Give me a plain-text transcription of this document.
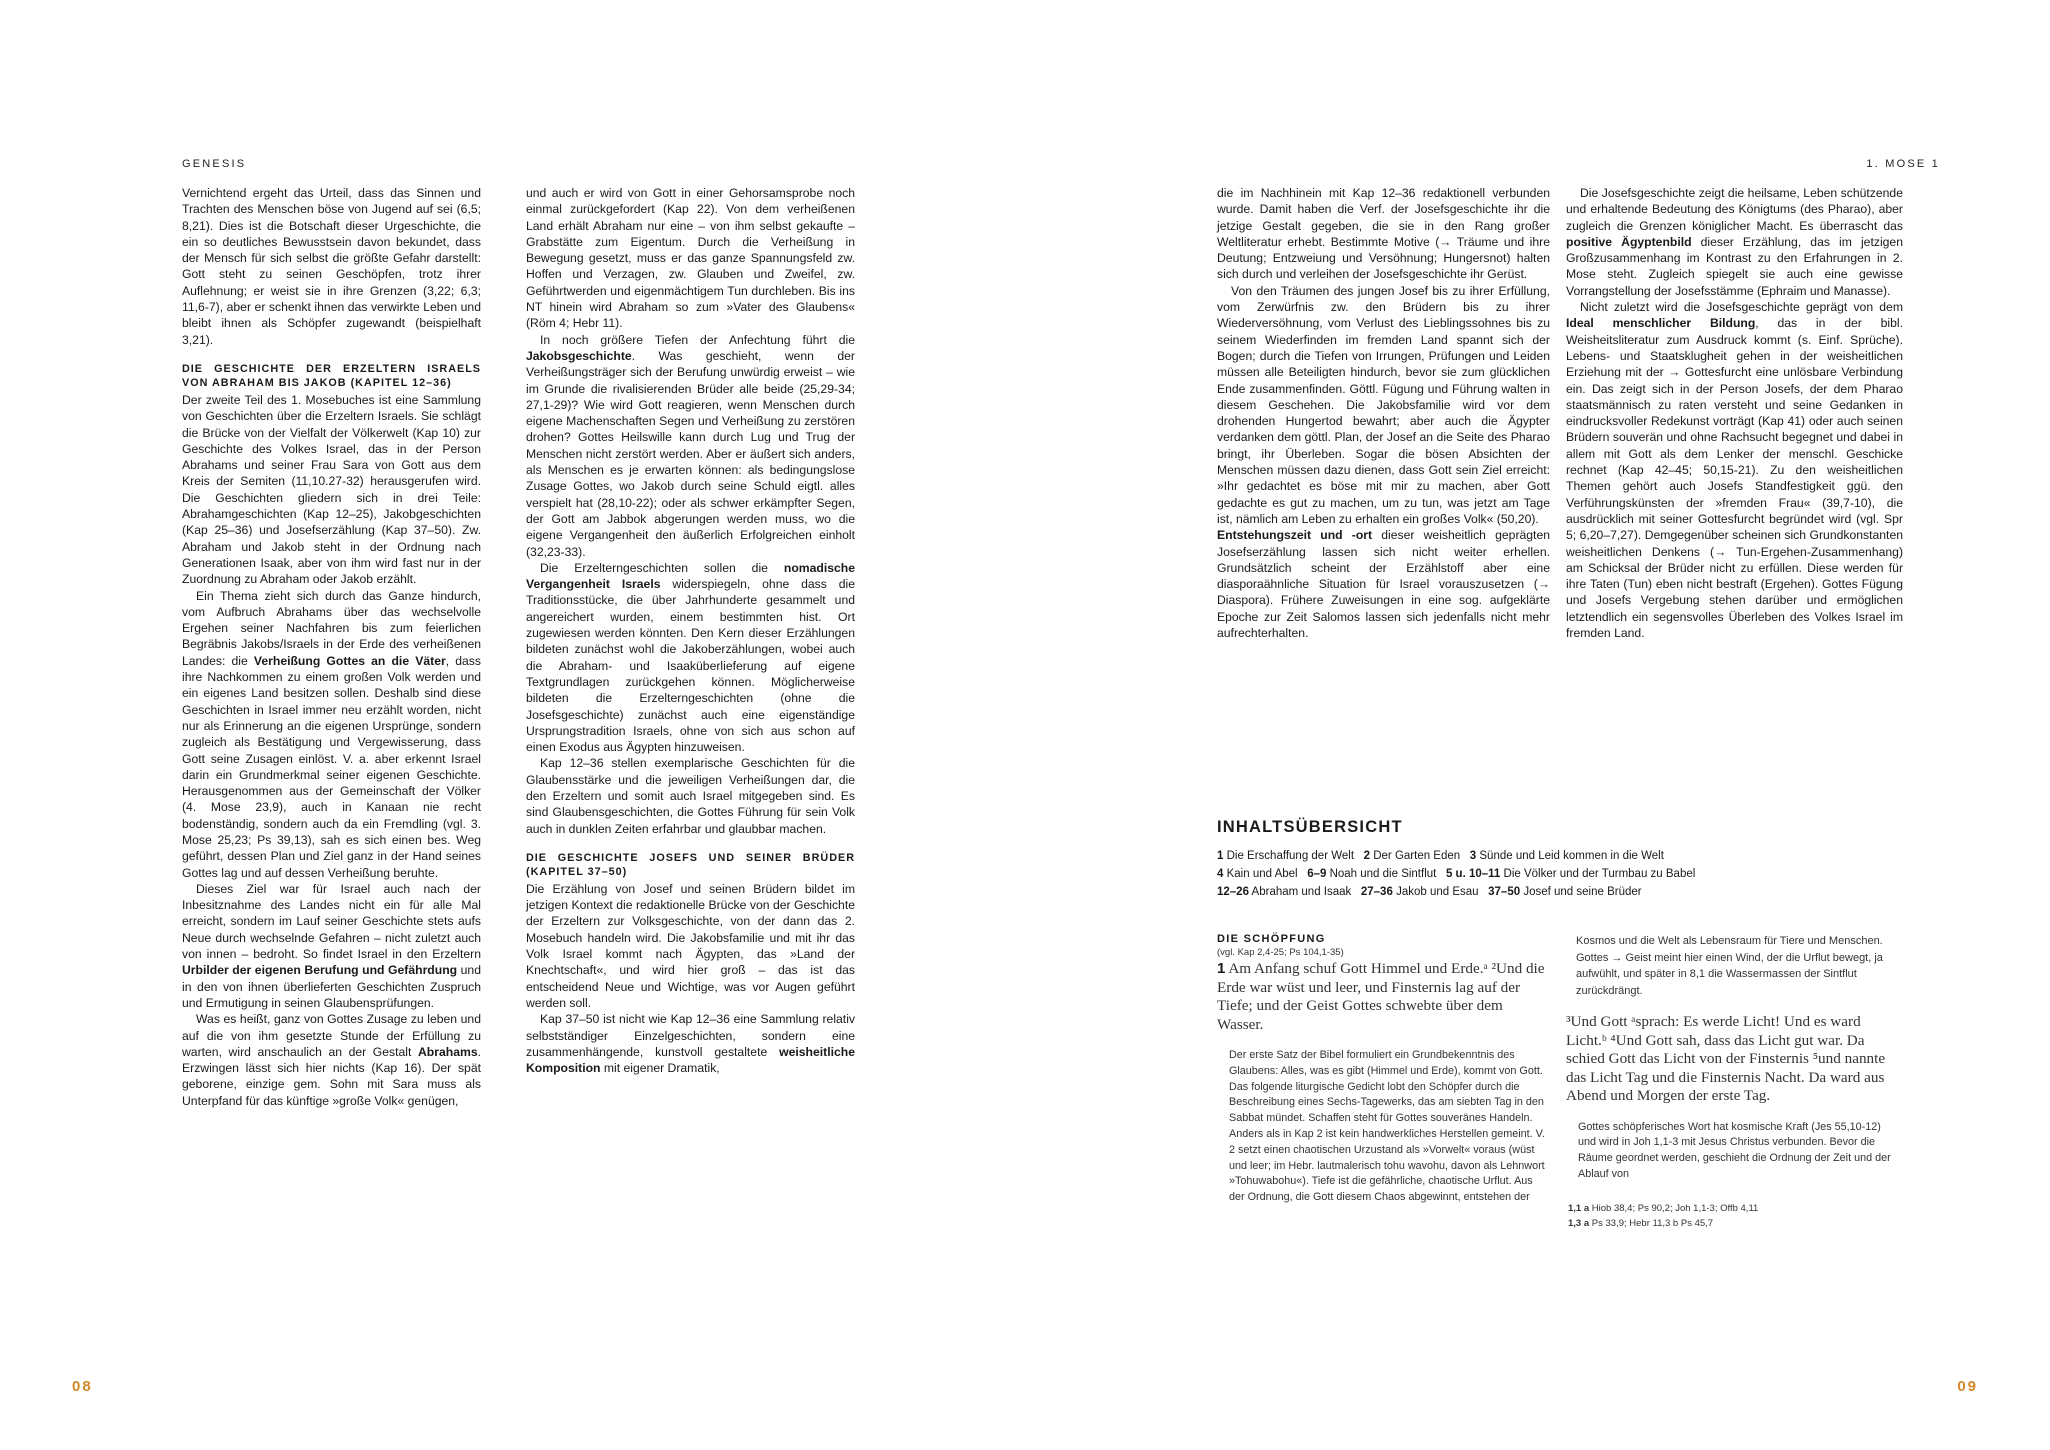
GENESIS	1. MOSE 1

Vernichtend ergeht das Urteil, dass das Sinnen und Trachten des Menschen böse von Jugend auf sei (6,5; 8,21). Dies ist die Botschaft dieser Urgeschichte, die ein so deutliches Bewusstsein davon bekundet, dass der Mensch für sich selbst die größte Gefahr darstellt: Gott steht zu seinen Geschöpfen, trotz ihrer Auflehnung; er weist sie in ihre Grenzen (3,22; 6,3; 11,6-7), aber er schenkt ihnen das verwirkte Leben und bleibt ihnen als Schöpfer zugewandt (beispielhaft 3,21).

DIE GESCHICHTE DER ERZELTERN ISRAELS VON ABRAHAM BIS JAKOB (KAPITEL 12–36)

Der zweite Teil des 1. Mosebuches ist eine Sammlung von Geschichten über die Erzeltern Israels. Sie schlägt die Brücke von der Vielfalt der Völkerwelt (Kap 10) zur Geschichte des Volkes Israel, das in der Person Abrahams und seiner Frau Sara von Gott aus dem Kreis der Semiten (11,10.27-32) herausgerufen wird. Die Geschichten gliedern sich in drei Teile: Abrahamgeschichten (Kap 12–25), Jakobgeschichten (Kap 25–36) und Josefserzählung (Kap 37–50). Zw. Abraham und Jakob steht in der Ordnung nach Generationen Isaak, aber von ihm wird fast nur in der Zuordnung zu Abraham oder Jakob erzählt.

Ein Thema zieht sich durch das Ganze hindurch, vom Aufbruch Abrahams über das wechselvolle Ergehen seiner Nachfahren bis zum feierlichen Begräbnis Jakobs/Israels in der Erde des verheißenen Landes: die Verheißung Gottes an die Väter, dass ihre Nachkommen zu einem großen Volk werden und ein eigenes Land besitzen sollen. Deshalb sind diese Geschichten in Israel immer neu erzählt worden, nicht nur als Erinnerung an die eigenen Ursprünge, sondern zugleich als Bestätigung und Vergewisserung, dass Gott seine Zusagen einlöst. V. a. aber erkennt Israel darin ein Grundmerkmal seiner eigenen Geschichte. Herausgenommen aus der Gemeinschaft der Völker (4. Mose 23,9), auch in Kanaan nie recht bodenständig, sondern auch da ein Fremdling (vgl. 3. Mose 25,23; Ps 39,13), sah es sich einen bes. Weg geführt, dessen Plan und Ziel ganz in der Hand seines Gottes lag und auf dessen Verheißung beruhte.

Dieses Ziel war für Israel auch nach der Inbesitznahme des Landes nicht ein für alle Mal erreicht, sondern im Lauf seiner Geschichte stets aufs Neue durch wechselnde Gefahren – nicht zuletzt auch von innen – bedroht. So findet Israel in den Erzeltern Urbilder der eigenen Berufung und Gefährdung und in den von ihnen überlieferten Geschichten Zuspruch und Ermutigung in seinen Glaubensprüfungen.

Was es heißt, ganz von Gottes Zusage zu leben und auf die von ihm gesetzte Stunde der Erfüllung zu warten, wird anschaulich an der Gestalt Abrahams. Erzwingen lässt sich hier nichts (Kap 16). Der spät geborene, einzige gem. Sohn mit Sara muss als Unterpfand für das künftige »große Volk« genügen,

und auch er wird von Gott in einer Gehorsamsprobe noch einmal zurückgefordert (Kap 22). Von dem verheißenen Land erhält Abraham nur eine – von ihm selbst gekaufte – Grabstätte zum Eigentum. Durch die Verheißung in Bewegung gesetzt, muss er das ganze Spannungsfeld zw. Hoffen und Verzagen, zw. Glauben und Zweifel, zw. Geführtwerden und eigenmächtigem Tun durchleben. Bis ins NT hinein wird Abraham so zum »Vater des Glaubens« (Röm 4; Hebr 11).

In noch größere Tiefen der Anfechtung führt die Jakobsgeschichte. Was geschieht, wenn der Verheißungsträger sich der Berufung unwürdig erweist – wie im Grunde die rivalisierenden Brüder alle beide (25,29-34; 27,1-29)? Wie wird Gott reagieren, wenn Menschen durch eigene Machenschaften Segen und Verheißung zu zerstören drohen? Gottes Heilswille kann durch Lug und Trug der Menschen nicht zerstört werden. Aber er äußert sich anders, als Menschen es je erwarten können: als bedingungslose Zusage Gottes, wo Jakob durch seine Schuld eigtl. alles verspielt hat (28,10-22); oder als schwer erkämpfter Segen, der Gott am Jabbok abgerungen werden muss, wo die eigene Vergangenheit den äußerlich Erfolgreichen einholt (32,23-33).

Die Erzelterngeschichten sollen die nomadische Vergangenheit Israels widerspiegeln, ohne dass die Traditionsstücke, die über Jahrhunderte gesammelt und angereichert wurden, einem bestimmten hist. Ort zugewiesen werden könnten. Den Kern dieser Erzählungen bildeten zunächst wohl die Jakoberzählungen, wobei auch die Abraham- und Isaaküberlieferung auf eigene Textgrundlagen zurückgehen können. Möglicherweise bildeten die Erzelterngeschichten (ohne die Josefsgeschichte) zunächst auch eine eigenständige Ursprungstradition Israels, ohne von sich aus schon auf einen Exodus aus Ägypten hinzuweisen.

Kap 12–36 stellen exemplarische Geschichten für die Glaubensstärke und die jeweiligen Verheißungen dar, die den Erzeltern und somit auch Israel mitgegeben sind. Es sind Glaubensgeschichten, die Gottes Führung für sein Volk auch in dunklen Zeiten erfahrbar und glaubbar machen.

DIE GESCHICHTE JOSEFS UND SEINER BRÜDER (KAPITEL 37–50)

Die Erzählung von Josef und seinen Brüdern bildet im jetzigen Kontext die redaktionelle Brücke von der Geschichte der Erzeltern zur Volksgeschichte, von der dann das 2. Mosebuch handeln wird. Die Jakobsfamilie und mit ihr das Volk Israel kommt nach Ägypten, das »Land der Knechtschaft«, und wird hier groß – das ist das entscheidend Neue und Wichtige, was vor Augen geführt werden soll.

Kap 37–50 ist nicht wie Kap 12–36 eine Sammlung relativ selbstständiger Einzelgeschichten, sondern eine zusammenhängende, kunstvoll gestaltete weisheitliche Komposition mit eigener Dramatik,

die im Nachhinein mit Kap 12–36 redaktionell verbunden wurde. Damit haben die Verf. der Josefsgeschichte ihr die jetzige Gestalt gegeben, die sie in den Rang großer Weltliteratur erhebt. Bestimmte Motive (→ Träume und ihre Deutung; Entzweiung und Versöhnung; Hungersnot) halten sich durch und verleihen der Josefsgeschichte ihr Gerüst.

Von den Träumen des jungen Josef bis zu ihrer Erfüllung, vom Zerwürfnis zw. den Brüdern bis zu ihrer Wiederversöhnung, vom Verlust des Lieblingssohnes bis zu seinem Wiederfinden im fremden Land spannt sich der Bogen; durch die Tiefen von Irrungen, Prüfungen und Leiden müssen alle Beteiligten hindurch, bevor sie zum glücklichen Ende zusammenfinden. Göttl. Fügung und Führung walten in diesem Geschehen. Die Jakobsfamilie wird vor dem drohenden Hungertod bewahrt; aber auch die Ägypter verdanken dem göttl. Plan, der Josef an die Seite des Pharao bringt, ihr Überleben. Sogar die bösen Absichten der Menschen müssen dazu dienen, dass Gott sein Ziel erreicht: »Ihr gedachtet es böse mit mir zu machen, aber Gott gedachte es gut zu machen, um zu tun, was jetzt am Tage ist, nämlich am Leben zu erhalten ein großes Volk« (50,20).

Entstehungszeit und -ort dieser weisheitlich geprägten Josefserzählung lassen sich nicht weiter erhellen. Grundsätzlich scheint der Erzählstoff aber eine diasporaähnliche Situation für Israel vorauszusetzen (→ Diaspora). Frühere Zuweisungen in eine sog. aufgeklärte Epoche zur Zeit Salomos lassen sich jedenfalls nicht mehr aufrechterhalten.

Die Josefsgeschichte zeigt die heilsame, Leben schützende und erhaltende Bedeutung des Königtums (des Pharao), aber zugleich die Grenzen königlicher Macht. Es überrascht das positive Ägyptenbild dieser Erzählung, das im jetzigen Großzusammenhang im Kontrast zu den Erfahrungen in 2. Mose steht. Zugleich spiegelt sie auch eine gewisse Vorrangstellung der Josefsstämme (Ephraim und Manasse).

Nicht zuletzt wird die Josefsgeschichte geprägt von dem Ideal menschlicher Bildung, das in der bibl. Weisheitsliteratur zum Ausdruck kommt (s. Einf. Sprüche). Lebens- und Staatsklugheit gehen in der weisheitlichen Erziehung mit der → Gottesfurcht eine unlösbare Verbindung ein. Das zeigt sich in der Person Josefs, der dem Pharao staatsmännisch zu raten versteht und seine Gedanken in eindrucksvoller Redekunst vorträgt (Kap 41) oder auch seinen Brüdern souverän und ohne Rachsucht begegnet und dabei in allem mit Gott als dem Lenker der menschl. Geschicke rechnet (Kap 42–45; 50,15-21). Zu den weisheitlichen Themen gehört auch Josefs Standfestigkeit ggü. den Verführungskünsten der »fremden Frau« (39,7-10), die ausdrücklich mit seiner Gottesfurcht begründet wird (vgl. Spr 5; 6,20–7,27). Demgegenüber scheinen sich Grundkonstanten weisheitlichen Denkens (→ Tun-Ergehen-Zusammenhang) am Schicksal der Brüder nicht zu erfüllen. Diese werden für ihre Taten (Tun) eben nicht bestraft (Ergehen). Gottes Fügung und Josefs Vergebung stehen darüber und ermöglichen letztendlich ein segensvolles Überleben des Volkes Israel im fremden Land.

INHALTSÜBERSICHT
1 Die Erschaffung der Welt 2 Der Garten Eden 3 Sünde und Leid kommen in die Welt
4 Kain und Abel 6–9 Noah und die Sintflut 5 u. 10–11 Die Völker und der Turmbau zu Babel
12–26 Abraham und Isaak 27–36 Jakob und Esau 37–50 Josef und seine Brüder
DIE SCHÖPFUNG
(vgl. Kap 2,4-25; Ps 104,1-35)
1 Am Anfang schuf Gott Himmel und Erde.ᵃ ²Und die Erde war wüst und leer, und Finsternis lag auf der Tiefe; und der Geist Gottes schwebte über dem Wasser.
Der erste Satz der Bibel formuliert ein Grundbekenntnis des Glaubens: Alles, was es gibt (Himmel und Erde), kommt von Gott. Das folgende liturgische Gedicht lobt den Schöpfer durch die Beschreibung eines Sechs-Tagewerks, das am siebten Tag in den Sabbat mündet. Schaffen steht für Gottes souveränes Handeln. Anders als in Kap 2 ist kein handwerkliches Herstellen gemeint. V. 2 setzt einen chaotischen Urzustand als »Vorwelt« voraus (wüst und leer; im Hebr. lautmalerisch tohu wavohu, davon als Lehnwort »Tohuwabohu«). Tiefe ist die gefährliche, chaotische Urflut. Aus der Ordnung, die Gott diesem Chaos abgewinnt, entstehen der
Kosmos und die Welt als Lebensraum für Tiere und Menschen. Gottes → Geist meint hier einen Wind, der die Urflut bewegt, ja aufwühlt, und später in 8,1 die Wassermassen der Sintflut zurückdrängt.
³Und Gott ᵃsprach: Es werde Licht! Und es ward Licht.ᵇ ⁴Und Gott sah, dass das Licht gut war. Da schied Gott das Licht von der Finsternis ⁵und nannte das Licht Tag und die Finsternis Nacht. Da ward aus Abend und Morgen der erste Tag.
Gottes schöpferisches Wort hat kosmische Kraft (Jes 55,10-12) und wird in Joh 1,1-3 mit Jesus Christus verbunden. Bevor die Räume geordnet werden, geschieht die Ordnung der Zeit und der Ablauf von
1,1 a Hiob 38,4; Ps 90,2; Joh 1,1-3; Offb 4,11
1,3 a Ps 33,9; Hebr 11,3 b Ps 45,7
08	09
